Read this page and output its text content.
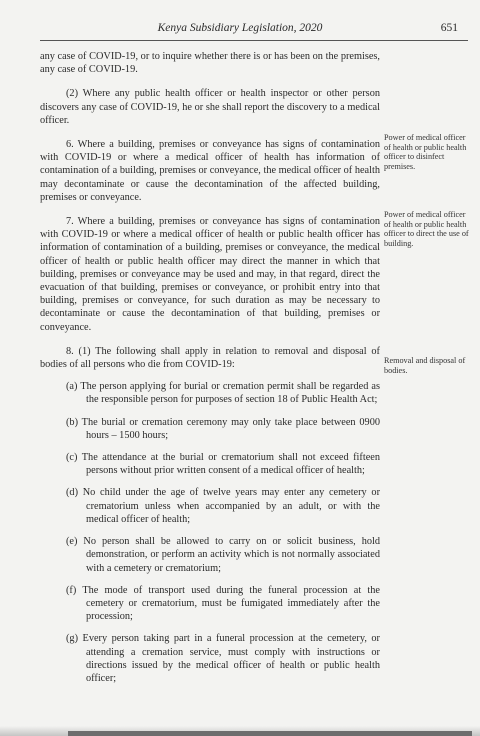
Kenya Subsidiary Legislation, 2020	651

any case of COVID-19, or to inquire whether there is or has been on the premises, any case of COVID-19.

(2) Where any public health officer or health inspector or other person discovers any case of COVID-19, he or she shall report the discovery to a medical officer.

6. Where a building, premises or conveyance has signs of contamination with COVID-19 or where a medical officer of health has information of contamination of a building, premises or conveyance, the medical officer of health may decontaminate or cause the decontamination of the affected building, premises or conveyance.

7. Where a building, premises or conveyance has signs of contamination with COVID-19 or where a medical officer of health or public health officer has information of contamination of a building, premises or conveyance, the medical officer of health or public health officer may direct the manner in which that building, premises or conveyance may be used and may, in that regard, direct the evacuation of that building, premises or conveyance, or prohibit entry into that building, premises or conveyance, for such duration as may be necessary to decontaminate or cause the decontamination of that building, premises or conveyance.

8. (1) The following shall apply in relation to removal and disposal of bodies of all persons who die from COVID-19:

(a) The person applying for burial or cremation permit shall be regarded as the responsible person for purposes of section 18 of Public Health Act;
(b) The burial or cremation ceremony may only take place between 0900 hours – 1500 hours;
(c) The attendance at the burial or crematorium shall not exceed fifteen persons without prior written consent of a medical officer of health;
(d) No child under the age of twelve years may enter any cemetery or crematorium unless when accompanied by an adult, or with the medical officer of health;
(e) No person shall be allowed to carry on or solicit business, hold demonstration, or perform an activity which is not normally associated with a cemetery or crematorium;
(f) The mode of transport used during the funeral procession at the cemetery or crematorium, must be fumigated immediately after the procession;
(g) Every person taking part in a funeral procession at the cemetery, or attending a cremation service, must comply with instructions or directions issued by the medical officer of health or public health officer;
Power of medical officer of health or public health officer to disinfect premises.
Power of medical officer of health or public health officer to direct the use of building.
Removal and disposal of bodies.
